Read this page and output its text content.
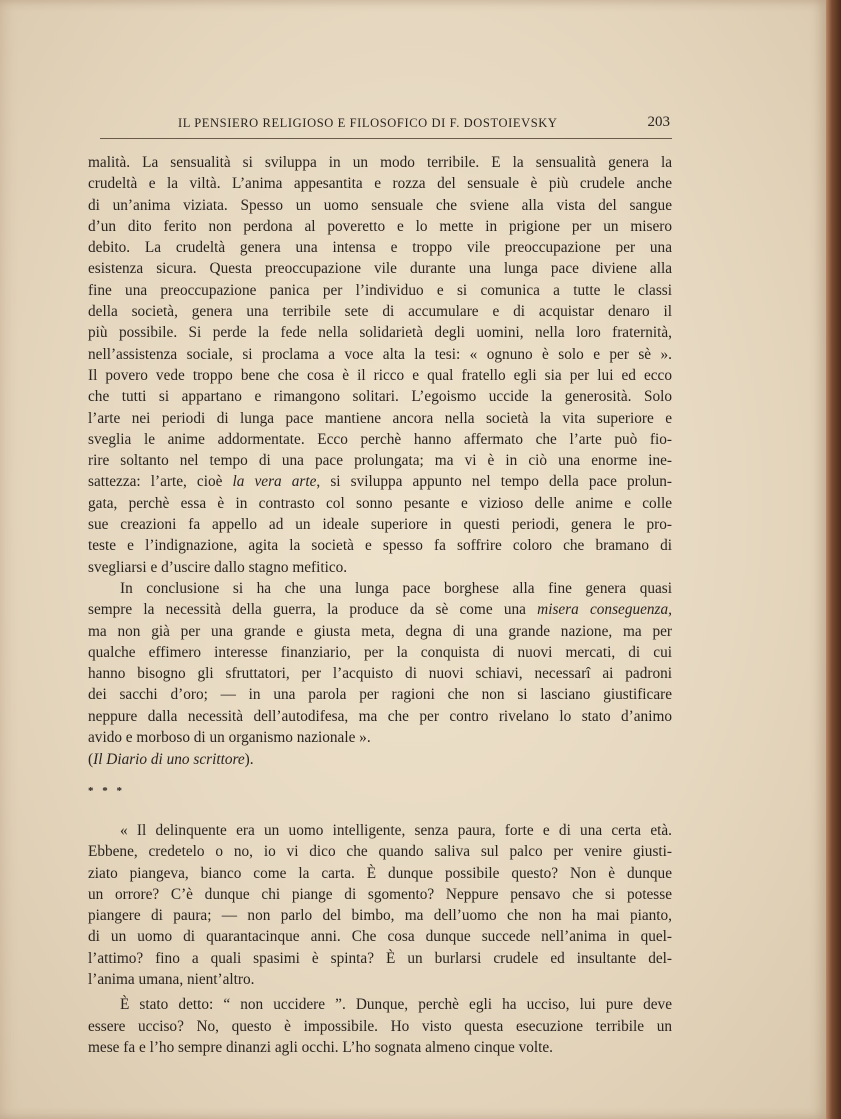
IL PENSIERO RELIGIOSO E FILOSOFICO DI F. DOSTOIEVSKY	203

malità. La sensualità si sviluppa in un modo terribile. E la sensualità genera la
crudeltà e la viltà. L’anima appesantita e rozza del sensuale è più crudele anche
di un’anima viziata. Spesso un uomo sensuale che sviene alla vista del sangue
d’un dito ferito non perdona al poveretto e lo mette in prigione per un misero
debito. La crudeltà genera una intensa e troppo vile preoccupazione per una
esistenza sicura. Questa preoccupazione vile durante una lunga pace diviene alla
fine una preoccupazione panica per l’individuo e si comunica a tutte le classi
della società, genera una terribile sete di accumulare e di acquistar denaro il
più possibile. Si perde la fede nella solidarietà degli uomini, nella loro fraternità,
nell’assistenza sociale, si proclama a voce alta la tesi: « ognuno è solo e per sè ».
Il povero vede troppo bene che cosa è il ricco e qual fratello egli sia per lui ed ecco
che tutti si appartano e rimangono solitari. L’egoismo uccide la generosità. Solo
l’arte nei periodi di lunga pace mantiene ancora nella società la vita superiore e
sveglia le anime addormentate. Ecco perchè hanno affermato che l’arte può fio-
rire soltanto nel tempo di una pace prolungata; ma vi è in ciò una enorme ine-
sattezza: l’arte, cioè la vera arte, si sviluppa appunto nel tempo della pace prolun-
gata, perchè essa è in contrasto col sonno pesante e vizioso delle anime e colle
sue creazioni fa appello ad un ideale superiore in questi periodi, genera le pro-
teste e l’indignazione, agita la società e spesso fa soffrire coloro che bramano di
svegliarsi e d’uscire dallo stagno mefitico.

In conclusione si ha che una lunga pace borghese alla fine genera quasi
sempre la necessità della guerra, la produce da sè come una misera conseguenza,
ma non già per una grande e giusta meta, degna di una grande nazione, ma per
qualche effimero interesse finanziario, per la conquista di nuovi mercati, di cui
hanno bisogno gli sfruttatori, per l’acquisto di nuovi schiavi, necessarî ai padroni
dei sacchi d’oro; — in una parola per ragioni che non si lasciano giustificare
neppure dalla necessità dell’autodifesa, ma che per contro rivelano lo stato d’animo
avido e morboso di un organismo nazionale ».

(Il Diario di uno scrittore).

* * *

« Il delinquente era un uomo intelligente, senza paura, forte e di una certa età.
Ebbene, credetelo o no, io vi dico che quando saliva sul palco per venire giusti-
ziato piangeva, bianco come la carta. È dunque possibile questo? Non è dunque
un orrore? C’è dunque chi piange di sgomento? Neppure pensavo che si potesse
piangere di paura; — non parlo del bimbo, ma dell’uomo che non ha mai pianto,
di un uomo di quarantacinque anni. Che cosa dunque succede nell’anima in quel-
l’attimo? fino a quali spasimi è spinta? È un burlarsi crudele ed insultante del-
l’anima umana, nient’altro.

È stato detto: “ non uccidere ”. Dunque, perchè egli ha ucciso, lui pure deve
essere ucciso? No, questo è impossibile. Ho visto questa esecuzione terribile un
mese fa e l’ho sempre dinanzi agli occhi. L’ho sognata almeno cinque volte.
